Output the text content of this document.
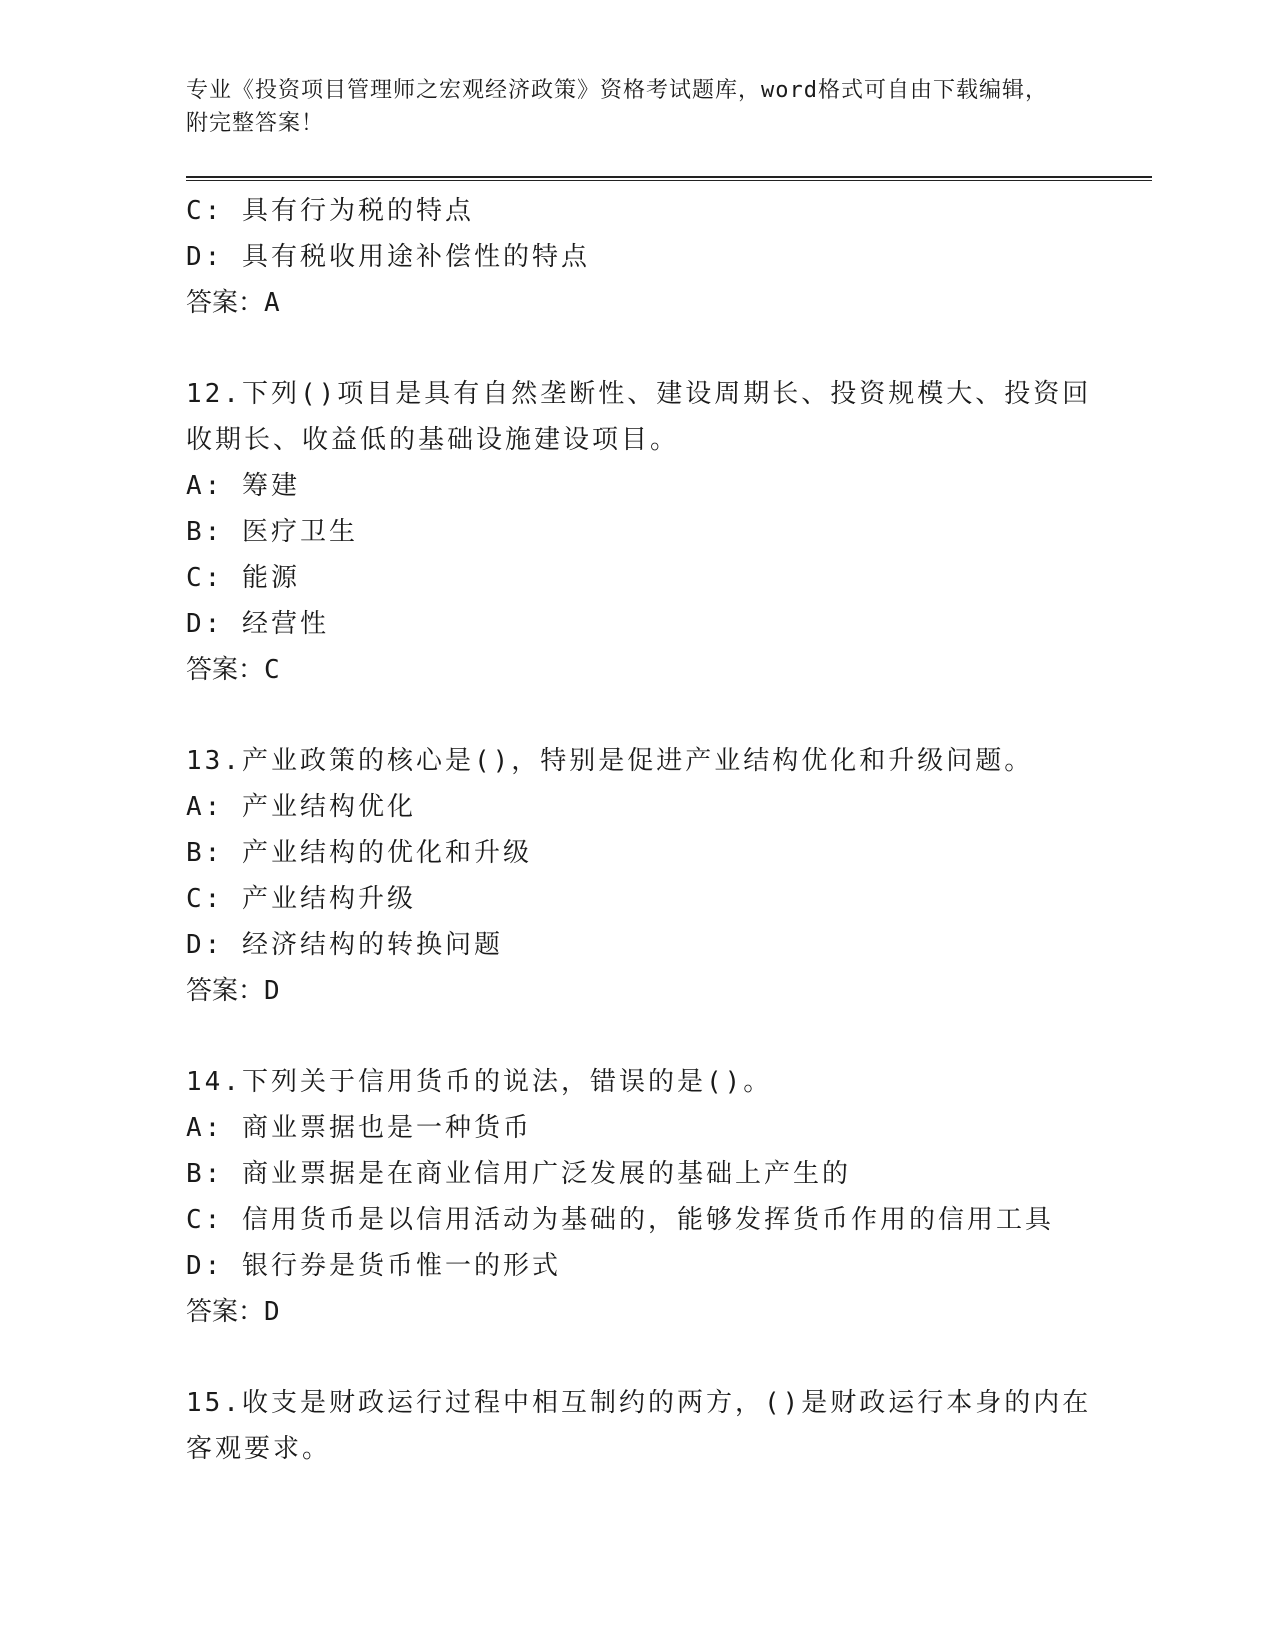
专业《投资项目管理师之宏观经济政策》资格考试题库，word格式可自由下载编辑，附完整答案！
C: 具有行为税的特点
D: 具有税收用途补偿性的特点
答案：A
12.下列()项目是具有自然垄断性、建设周期长、投资规模大、投资回
收期长、收益低的基础设施建设项目。
A: 筹建
B: 医疗卫生
C: 能源
D: 经营性
答案：C
13.产业政策的核心是()，特别是促进产业结构优化和升级问题。
A: 产业结构优化
B: 产业结构的优化和升级
C: 产业结构升级
D: 经济结构的转换问题
答案：D
14.下列关于信用货币的说法，错误的是()。
A: 商业票据也是一种货币
B: 商业票据是在商业信用广泛发展的基础上产生的
C: 信用货币是以信用活动为基础的，能够发挥货币作用的信用工具
D: 银行券是货币惟一的形式
答案：D
15.收支是财政运行过程中相互制约的两方，()是财政运行本身的内在
客观要求。
